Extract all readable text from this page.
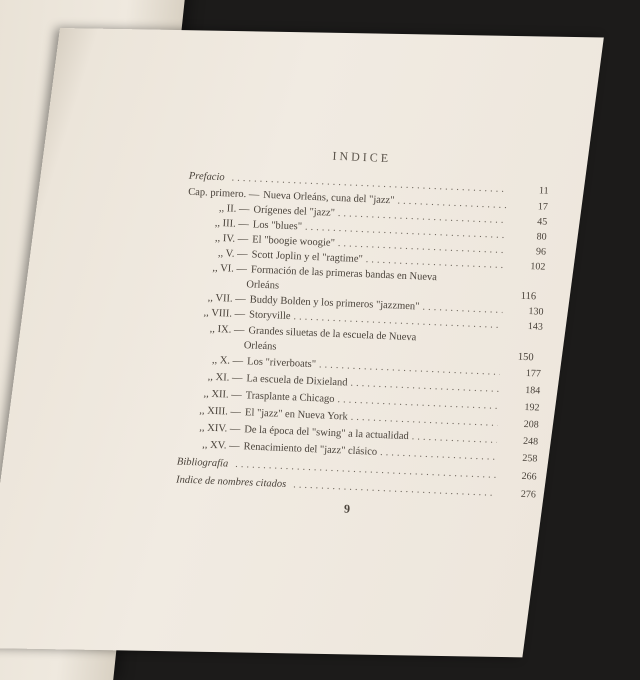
INDICE
Prefacio
.....
11
Cap. primero. — Nueva Orleáns, cuna del "jazz"
.....
17
,, II. — Orígenes del "jazz"
.....
45
,, III. — Los "blues"
.....
80
,, IV. — El "boogie woogie"
.....
96
,, V. — Scott Joplin y el "ragtime"
.....
102
,, VI. — Formación de las primeras bandas en Nueva
Orleáns
116
,, VII. — Buddy Bolden y los primeros "jazzmen" .....	130
,, VIII. — Storyville
.....
143
,, IX. — Grandes siluetas de la escuela de Nueva
Orleáns
150
,, X. — Los "riverboats"
.....
177
,, XI. — La escuela de Dixieland
.....
184
,, XII. — Trasplante a Chicago
.....
192
,, XIII. — El "jazz" en Nueva York
.....
208
,, XIV. — De la época del "swing" a la actualidad .....	248
,, XV. — Renacimiento del "jazz" clásico
.....
258
Bibliografía
.....
266
Indice de nombres citados
.....
276
9
